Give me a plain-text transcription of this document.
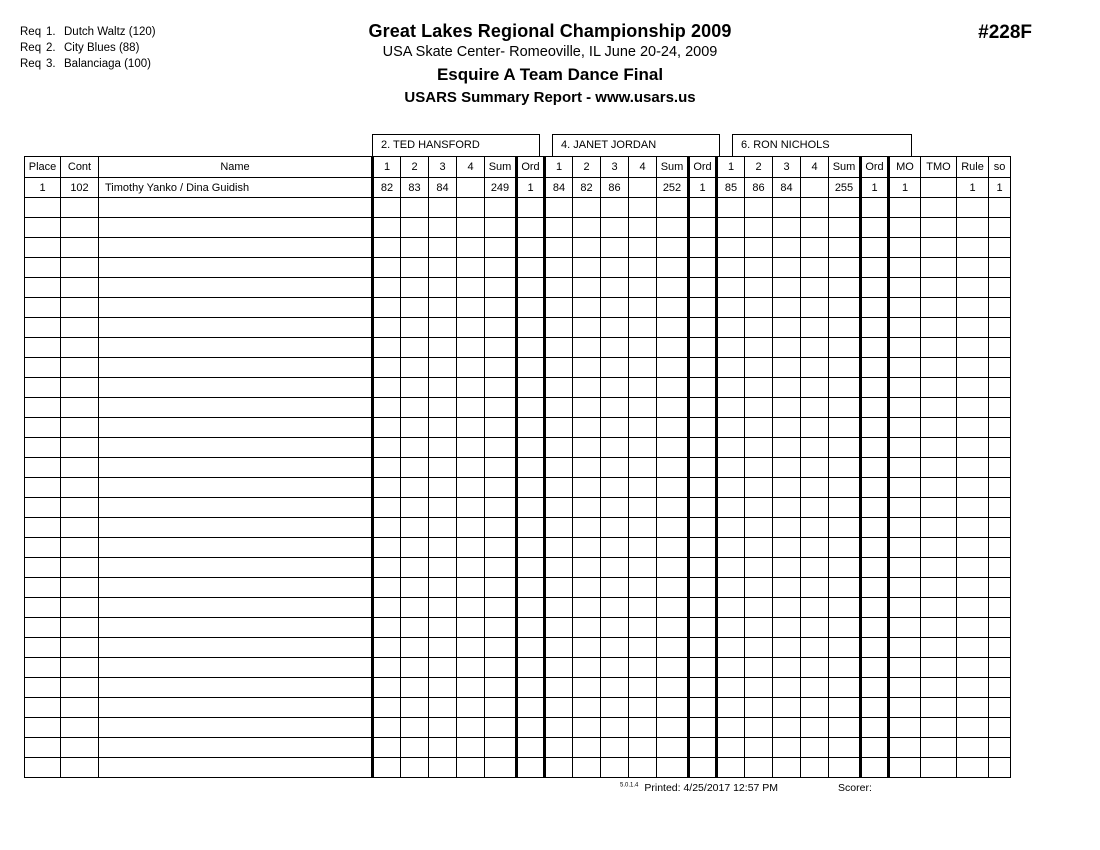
Req 1. Dutch Waltz (120)
Req 2. City Blues (88)
Req 3. Balanciaga (100)
Great Lakes Regional Championship 2009
USA Skate Center- Romeoville, IL June 20-24, 2009
Esquire A Team Dance Final
USARS Summary Report - www.usars.us
#228F
2. TED HANSFORD	4. JANET JORDAN	6. RON NICHOLS
Place	Cont	Name	1	2	3	4	Sum	Ord	1	2	3	4	Sum	Ord	1	2	3	4	Sum	Ord	MO	TMO	Rule	so
1	102	Timothy Yanko / Dina Guidish	82	83	84		249	1	84	82	86		252	1	85	86	84		255	1	1		1	1

$^{5.0.1.4}$ Printed: 4/25/2017 12:57 PM	Scorer:
